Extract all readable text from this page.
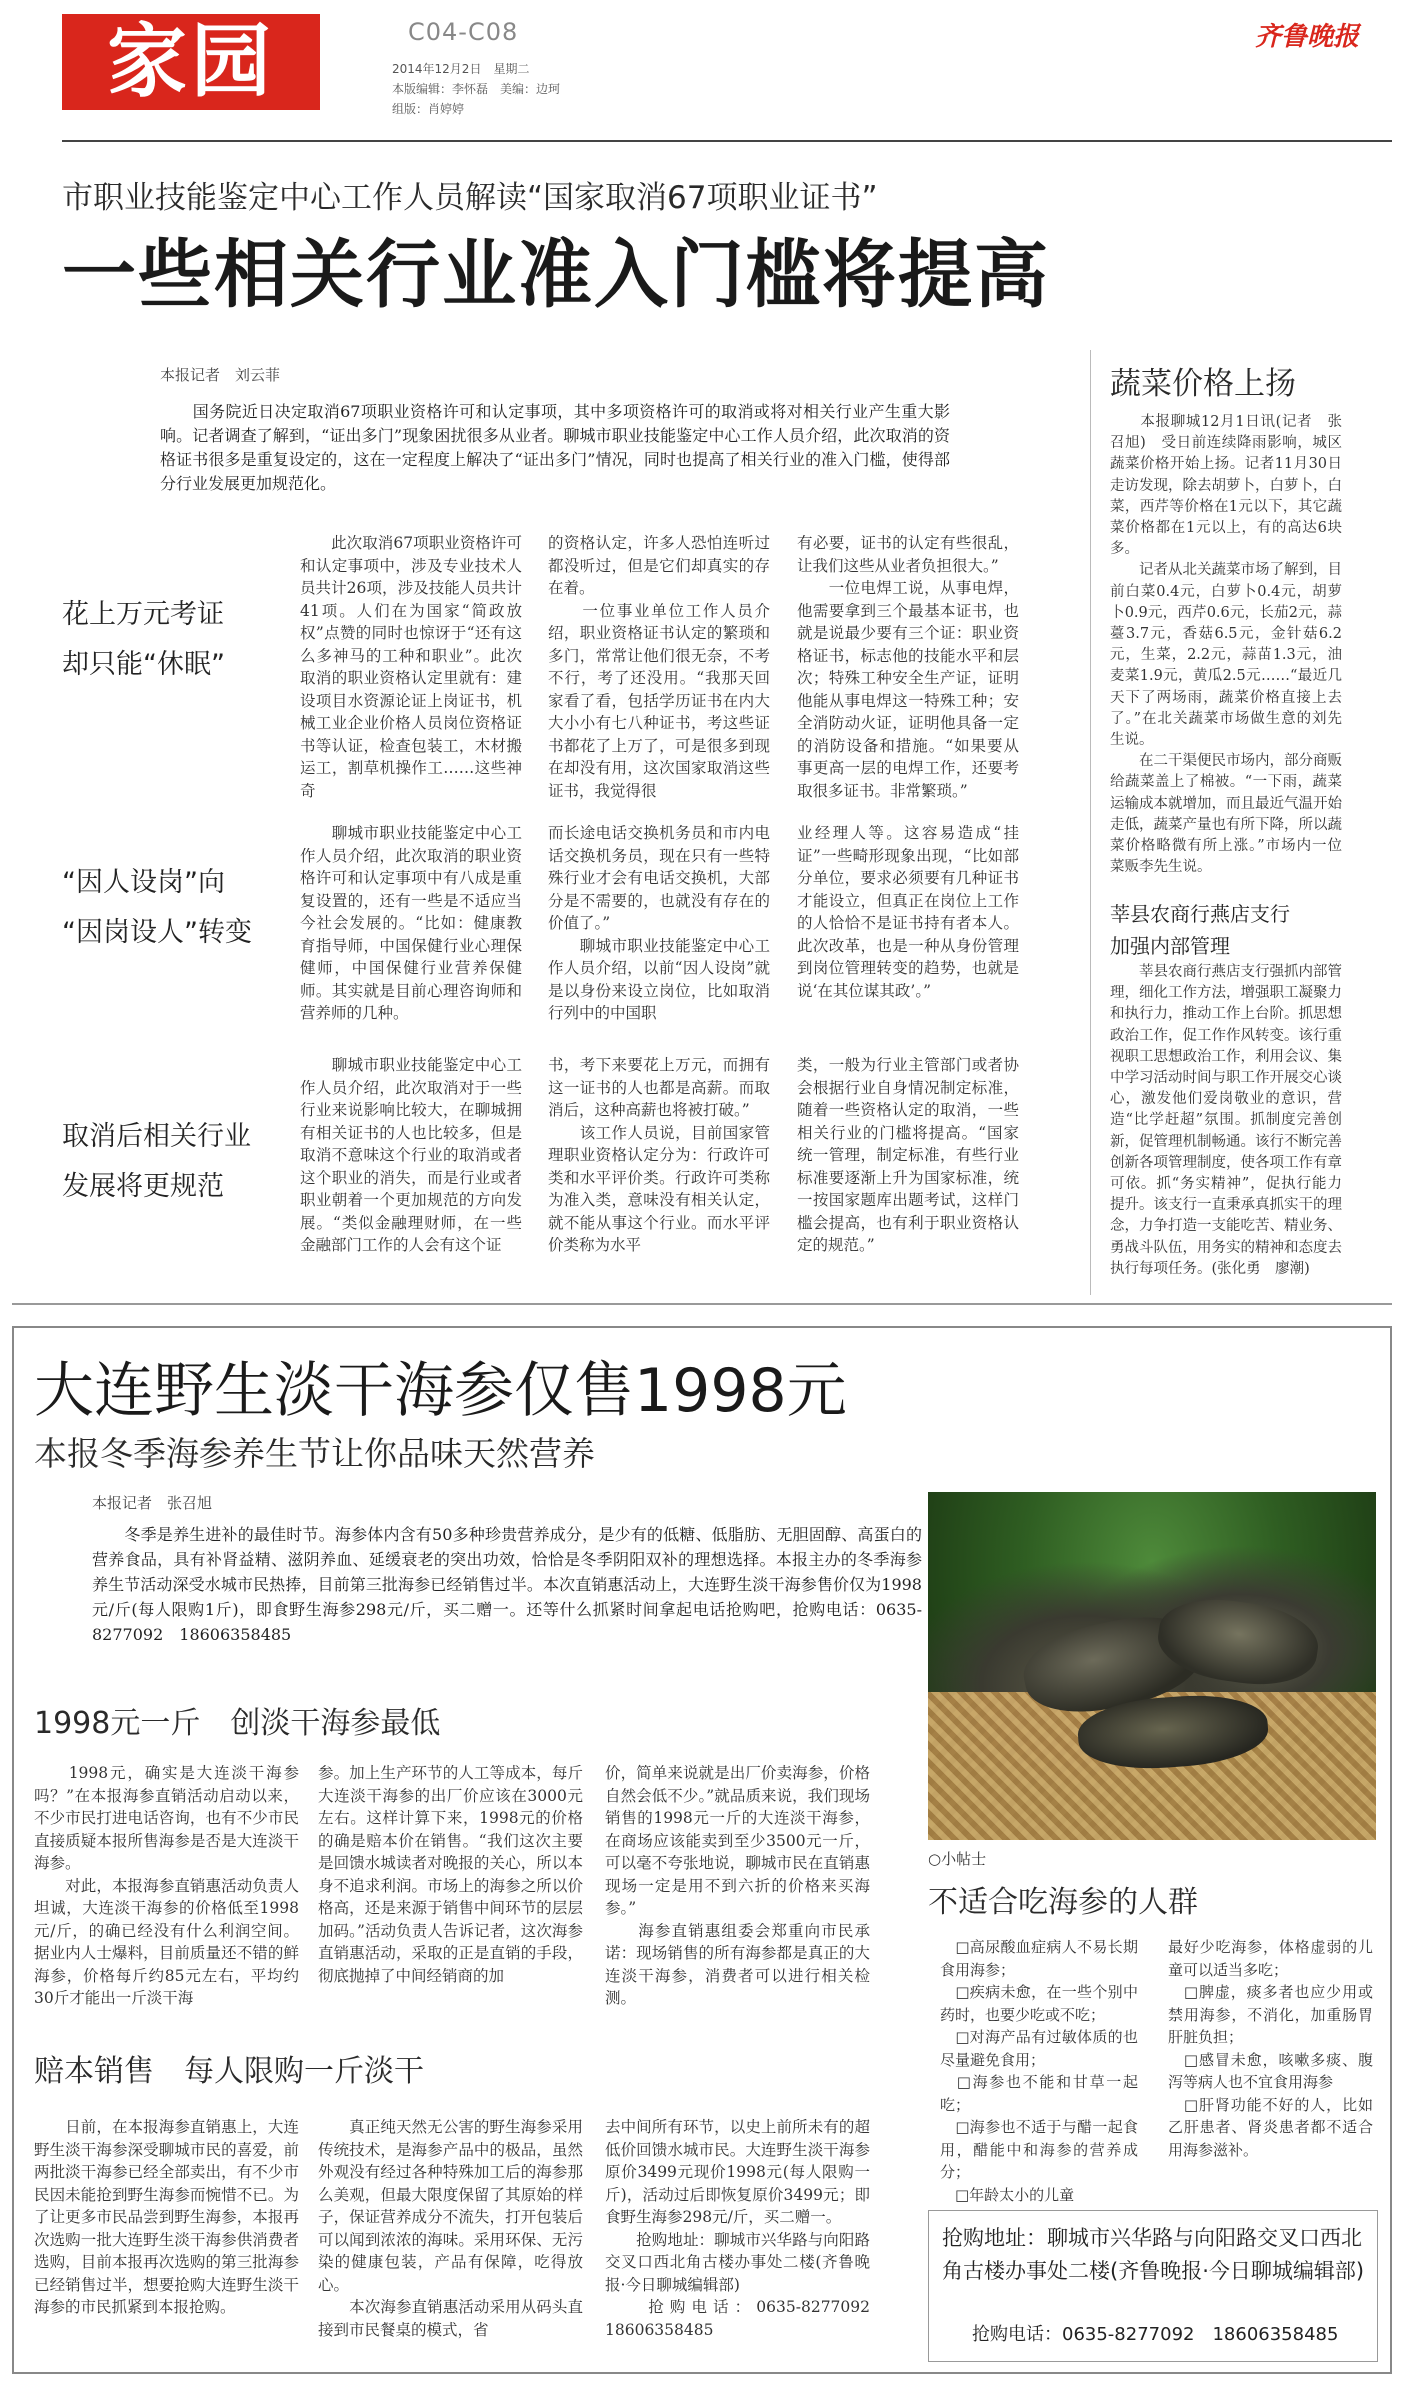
家园	C04-C08
2014年12月2日　星期二
本版编辑：李怀磊　美编：边珂
组版：肖婷婷
齐鲁晚报
市职业技能鉴定中心工作人员解读“国家取消67项职业证书”
一些相关行业准入门槛将提高
本报记者　刘云菲
　　国务院近日决定取消67项职业资格许可和认定事项，其中多项资格许可的取消或将对相关行业产生重大影响。记者调查了解到，“证出多门”现象困扰很多从业者。聊城市职业技能鉴定中心工作人员介绍，此次取消的资格证书很多是重复设定的，这在一定程度上解决了“证出多门”情况，同时也提高了相关行业的准入门槛，使得部分行业发展更加规范化。
花上万元考证
却只能“休眠”
　　此次取消67项职业资格许可和认定事项中，涉及专业技术人员共计26项，涉及技能人员共计41项。人们在为国家“简政放权”点赞的同时也惊讶于“还有这么多神马的工种和职业”。此次取消的职业资格认定里就有：建设项目水资源论证上岗证书，机械工业企业价格人员岗位资格证书等认证，检查包装工，木材搬运工，割草机操作工……这些神奇
的资格认定，许多人恐怕连听过都没听过，但是它们却真实的存在着。
　　一位事业单位工作人员介绍，职业资格证书认定的繁琐和多门，常常让他们很无奈，不考不行，考了还没用。“我那天回家看了看，包括学历证书在内大大小小有七八种证书，考这些证书都花了上万了，可是很多到现在却没有用，这次国家取消这些证书，我觉得很
有必要，证书的认定有些很乱，让我们这些从业者负担很大。”
　　一位电焊工说，从事电焊，他需要拿到三个最基本证书，也就是说最少要有三个证：职业资格证书，标志他的技能水平和层次；特殊工种安全生产证，证明他能从事电焊这一特殊工种；安全消防动火证，证明他具备一定的消防设备和措施。“如果要从事更高一层的电焊工作，还要考取很多证书。非常繁琐。”
“因人设岗”向
“因岗设人”转变
　　聊城市职业技能鉴定中心工作人员介绍，此次取消的职业资格许可和认定事项中有八成是重复设置的，还有一些是不适应当今社会发展的。“比如：健康教育指导师，中国保健行业心理保健师，中国保健行业营养保健师。其实就是目前心理咨询师和营养师的几种。
而长途电话交换机务员和市内电话交换机务员，现在只有一些特殊行业才会有电话交换机，大部分是不需要的，也就没有存在的价值了。”
　　聊城市职业技能鉴定中心工作人员介绍，以前“因人设岗”就是以身份来设立岗位，比如取消行列中的中国职
业经理人等。这容易造成“挂证”一些畸形现象出现，“比如部分单位，要求必须要有几种证书才能设立，但真正在岗位上工作的人恰恰不是证书持有者本人。此次改革，也是一种从身份管理到岗位管理转变的趋势，也就是说‘在其位谋其政’。”
取消后相关行业
发展将更规范
　　聊城市职业技能鉴定中心工作人员介绍，此次取消对于一些行业来说影响比较大，在聊城拥有相关证书的人也比较多，但是取消不意味这个行业的取消或者这个职业的消失，而是行业或者职业朝着一个更加规范的方向发展。“类似金融理财师，在一些金融部门工作的人会有这个证
书，考下来要花上万元，而拥有这一证书的人也都是高薪。而取消后，这种高薪也将被打破。”
　　该工作人员说，目前国家管理职业资格认定分为：行政许可类和水平评价类。行政许可类称为准入类，意味没有相关认定，就不能从事这个行业。而水平评价类称为水平
类，一般为行业主管部门或者协会根据行业自身情况制定标准，随着一些资格认定的取消，一些相关行业的门槛将提高。“国家统一管理，制定标准，有些行业标准要逐渐上升为国家标准，统一按国家题库出题考试，这样门槛会提高，也有利于职业资格认定的规范。”
蔬菜价格上扬
　　本报聊城12月1日讯(记者　张召旭)　受日前连续降雨影响，城区蔬菜价格开始上扬。记者11月30日走访发现，除去胡萝卜，白萝卜，白菜，西芹等价格在1元以下，其它蔬菜价格都在1元以上，有的高达6块多。
　　记者从北关蔬菜市场了解到，目前白菜0.4元，白萝卜0.4元，胡萝卜0.9元，西芹0.6元，长茄2元，蒜薹3.7元，香菇6.5元，金针菇6.2元，生菜，2.2元，蒜苗1.3元，油麦菜1.9元，黄瓜2.5元……“最近几天下了两场雨，蔬菜价格直接上去了。”在北关蔬菜市场做生意的刘先生说。
　　在二干渠便民市场内，部分商贩给蔬菜盖上了棉被。“一下雨，蔬菜运输成本就增加，而且最近气温开始走低，蔬菜产量也有所下降，所以蔬菜价格略微有所上涨。”市场内一位菜贩李先生说。
莘县农商行燕店支行
加强内部管理
　　莘县农商行燕店支行强抓内部管理，细化工作方法，增强职工凝聚力和执行力，推动工作上台阶。抓思想政治工作，促工作作风转变。该行重视职工思想政治工作，利用会议、集中学习活动时间与职工作开展交心谈心，激发他们爱岗敬业的意识，营造“比学赶超”氛围。抓制度完善创新，促管理机制畅通。该行不断完善创新各项管理制度，使各项工作有章可依。抓“务实精神”，促执行能力提升。该支行一直秉承真抓实干的理念，力争打造一支能吃苦、精业务、勇战斗队伍，用务实的精神和态度去执行每项任务。(张化勇　廖潮)
大连野生淡干海参仅售1998元
本报冬季海参养生节让你品味天然营养
本报记者　张召旭
　　冬季是养生进补的最佳时节。海参体内含有50多种珍贵营养成分，是少有的低糖、低脂肪、无胆固醇、高蛋白的营养食品，具有补肾益精、滋阴养血、延缓衰老的突出功效，恰恰是冬季阴阳双补的理想选择。本报主办的冬季海参养生节活动深受水城市民热捧，目前第三批海参已经销售过半。本次直销惠活动上，大连野生淡干海参售价仅为1998元/斤(每人限购1斤)，即食野生海参298元/斤，买二赠一。还等什么抓紧时间拿起电话抢购吧，抢购电话：0635-8277092　18606358485
○小帖士
1998元一斤　创淡干海参最低
　　1998元，确实是大连淡干海参吗？”在本报海参直销活动启动以来，不少市民打进电话咨询，也有不少市民直接质疑本报所售海参是否是大连淡干海参。
　　对此，本报海参直销惠活动负责人坦诚，大连淡干海参的价格低至1998元/斤，的确已经没有什么利润空间。据业内人士爆料，目前质量还不错的鲜海参，价格每斤约85元左右，平均约30斤才能出一斤淡干海
参。加上生产环节的人工等成本，每斤大连淡干海参的出厂价应该在3000元左右。这样计算下来，1998元的价格的确是赔本价在销售。“我们这次主要是回馈水城读者对晚报的关心，所以本身不追求利润。市场上的海参之所以价格高，还是来源于销售中间环节的层层加码。”活动负责人告诉记者，这次海参直销惠活动，采取的正是直销的手段，彻底抛掉了中间经销商的加
价，简单来说就是出厂价卖海参，价格自然会低不少。”就品质来说，我们现场销售的1998元一斤的大连淡干海参，在商场应该能卖到至少3500元一斤，可以毫不夸张地说，聊城市民在直销惠现场一定是用不到六折的价格来买海参。”
　　海参直销惠组委会郑重向市民承诺：现场销售的所有海参都是真正的大连淡干海参，消费者可以进行相关检测。
赔本销售　每人限购一斤淡干
　　日前，在本报海参直销惠上，大连野生淡干海参深受聊城市民的喜爱，前两批淡干海参已经全部卖出，有不少市民因未能抢到野生海参而惋惜不已。为了让更多市民品尝到野生海参，本报再次选购一批大连野生淡干海参供消费者选购，目前本报再次选购的第三批海参已经销售过半，想要抢购大连野生淡干海参的市民抓紧到本报抢购。
　　真正纯天然无公害的野生海参采用传统技术，是海参产品中的极品，虽然外观没有经过各种特殊加工后的海参那么美观，但最大限度保留了其原始的样子，保证营养成分不流失，打开包装后可以闻到浓浓的海味。采用环保、无污染的健康包装，产品有保障，吃得放心。
　　本次海参直销惠活动采用从码头直接到市民餐桌的模式，省
去中间所有环节，以史上前所未有的超低价回馈水城市民。大连野生淡干海参原价3499元现价1998元(每人限购一斤)，活动过后即恢复原价3499元；即食野生海参298元/斤，买二赠一。
　　抢购地址：聊城市兴华路与向阳路交叉口西北角古楼办事处二楼(齐鲁晚报·今日聊城编辑部)
　　抢购电话：0635-8277092　18606358485
不适合吃海参的人群
　□高尿酸血症病人不易长期食用海参；
　□疾病未愈，在一些个别中药时，也要少吃或不吃；
　□对海产品有过敏体质的也尽量避免食用；
　□海参也不能和甘草一起吃；
　□海参也不适于与醋一起食用，醋能中和海参的营养成分；
　□年龄太小的儿童
最好少吃海参，体格虚弱的儿童可以适当多吃；
　□脾虚，痰多者也应少用或禁用海参，不消化，加重肠胃肝脏负担；
　□感冒未愈，咳嗽多痰、腹泻等病人也不宜食用海参
　□肝肾功能不好的人，比如乙肝患者、肾炎患者都不适合用海参滋补。
抢购地址：聊城市兴华路与向阳路交叉口西北角古楼办事处二楼(齐鲁晚报·今日聊城编辑部)
抢购电话：0635-8277092　18606358485
